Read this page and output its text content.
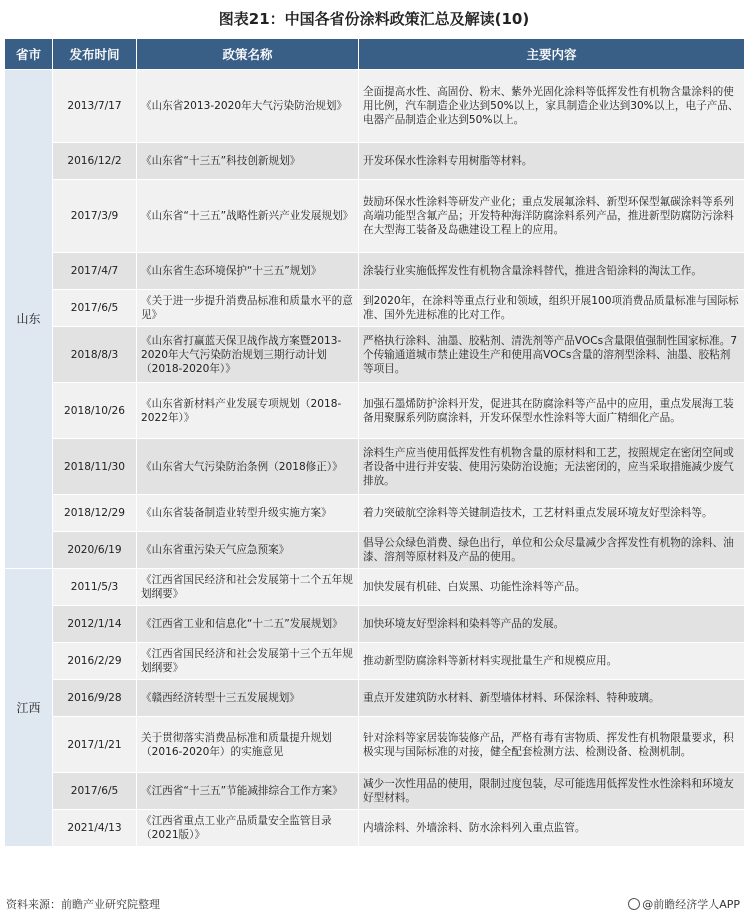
图表21：中国各省份涂料政策汇总及解读(10)
省市	发布时间	政策名称	主要内容
山东	2013/7/17	《山东省2013-2020年大气污染防治规划》	全面提高水性、高固份、粉末、紫外光固化涂料等低挥发性有机物含量涂料的使用比例，汽车制造企业达到50%以上，家具制造企业达到30%以上，电子产品、电器产品制造企业达到50%以上。
	2016/12/2	《山东省“十三五”科技创新规划》	开发环保水性涂料专用树脂等材料。
	2017/3/9	《山东省“十三五”战略性新兴产业发展规划》	鼓励环保水性涂料等研发产业化；重点发展氟涂料、新型环保型氟碳涂料等系列高端功能型含氟产品；开发特种海洋防腐涂料系列产品，推进新型防腐防污涂料在大型海工装备及岛礁建设工程上的应用。
	2017/4/7	《山东省生态环境保护“十三五”规划》	涂装行业实施低挥发性有机物含量涂料替代，推进含铅涂料的淘汰工作。
	2017/6/5	《关于进一步提升消费品标准和质量水平的意见》	到2020年，在涂料等重点行业和领域，组织开展100项消费品质量标准与国际标准、国外先进标准的比对工作。
	2018/8/3	《山东省打赢蓝天保卫战作战方案暨2013-2020年大气污染防治规划三期行动计划（2018-2020年）》	严格执行涂料、油墨、胶粘剂、清洗剂等产品VOCs含量限值强制性国家标准。7个传输通道城市禁止建设生产和使用高VOCs含量的溶剂型涂料、油墨、胶粘剂等项目。
	2018/10/26	《山东省新材料产业发展专项规划（2018-2022年）》	加强石墨烯防护涂料开发，促进其在防腐涂料等产品中的应用，重点发展海工装备用聚脲系列防腐涂料，开发环保型水性涂料等大面广精细化产品。
	2018/11/30	《山东省大气污染防治条例（2018修正）》	涂料生产应当使用低挥发性有机物含量的原材料和工艺，按照规定在密闭空间或者设备中进行并安装、使用污染防治设施；无法密闭的，应当采取措施减少废气排放。
	2018/12/29	《山东省装备制造业转型升级实施方案》	着力突破航空涂料等关键制造技术，工艺材料重点发展环境友好型涂料等。
	2020/6/19	《山东省重污染天气应急预案》	倡导公众绿色消费、绿色出行，单位和公众尽量减少含挥发性有机物的涂料、油漆、溶剂等原材料及产品的使用。
江西	2011/5/3	《江西省国民经济和社会发展第十二个五年规划纲要》	加快发展有机硅、白炭黑、功能性涂料等产品。
	2012/1/14	《江西省工业和信息化“十二五”发展规划》	加快环境友好型涂料和染料等产品的发展。
	2016/2/29	《江西省国民经济和社会发展第十三个五年规划纲要》	推动新型防腐涂料等新材料实现批量生产和规模应用。
	2016/9/28	《赣西经济转型十三五发展规划》	重点开发建筑防水材料、新型墙体材料、环保涂料、特种玻璃。
	2017/1/21	关于贯彻落实消费品标准和质量提升规划（2016-2020年）的实施意见	针对涂料等家居装饰装修产品，严格有毒有害物质、挥发性有机物限量要求，积极实现与国际标准的对接，健全配套检测方法、检测设备、检测机制。
	2017/6/5	《江西省“十三五”节能减排综合工作方案》	减少一次性用品的使用，限制过度包装，尽可能选用低挥发性水性涂料和环境友好型材料。
	2021/4/13	《江西省重点工业产品质量安全监管目录（2021版）》	内墙涂料、外墙涂料、防水涂料列入重点监管。
资料来源：前瞻产业研究院整理	@前瞻经济学人APP
